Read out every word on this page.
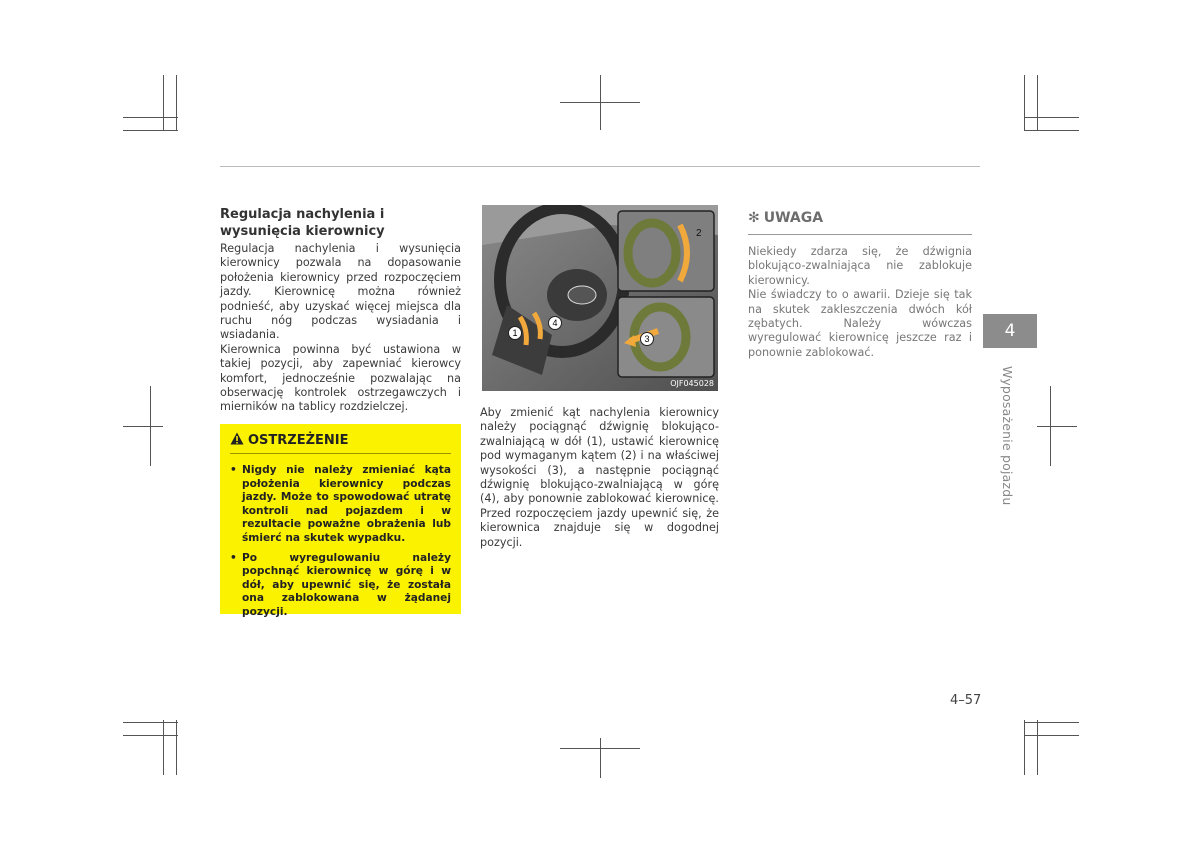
Regulacja nachylenia i wysunięcia kierownicy

Regulacja nachylenia i wysunięcia kierownicy pozwala na dopasowanie położenia kierownicy przed rozpoczęciem jazdy. Kierownicę można również podnieść, aby uzyskać więcej miejsca dla ruchu nóg podczas wysiadania i wsiadania.

Kierownica powinna być ustawiona w takiej pozycji, aby zapewniać kierowcy komfort, jednocześnie pozwalając na obserwację kontrolek ostrzegawczych i mierników na tablicy rozdzielczej.

OSTRZEŻENIE
• Nigdy nie należy zmieniać kąta położenia kierownicy podczas jazdy. Może to spowodować utratę kontroli nad pojazdem i w rezultacie poważne obrażenia lub śmierć na skutek wypadku.
• Po wyregulowaniu należy popchnąć kierownicę w górę i w dół, aby upewnić się, że została ona zablokowana w żądanej pozycji.
1
4
2
3
OJF045028

Aby zmienić kąt nachylenia kierownicy należy pociągnąć dźwignię blokująco-zwalniającą w dół (1), ustawić kierownicę pod wymaganym kątem (2) i na właściwej wysokości (3), a następnie pociągnąć dźwignię blokująco-zwalniającą w górę (4), aby ponownie zablokować kierownicę. Przed rozpoczęciem jazdy upewnić się, że kierownica znajduje się w dogodnej pozycji.

✻ UWAGA

Niekiedy zdarza się, że dźwignia blokująco-zwalniająca nie zablokuje kierownicy.

Nie świadczy to o awarii. Dzieje się tak na skutek zakleszczenia dwóch kół zębatych. Należy wówczas wyregulować kierownicę jeszcze raz i ponownie zablokować.

4
Wyposażenie pojazdu
4–57
